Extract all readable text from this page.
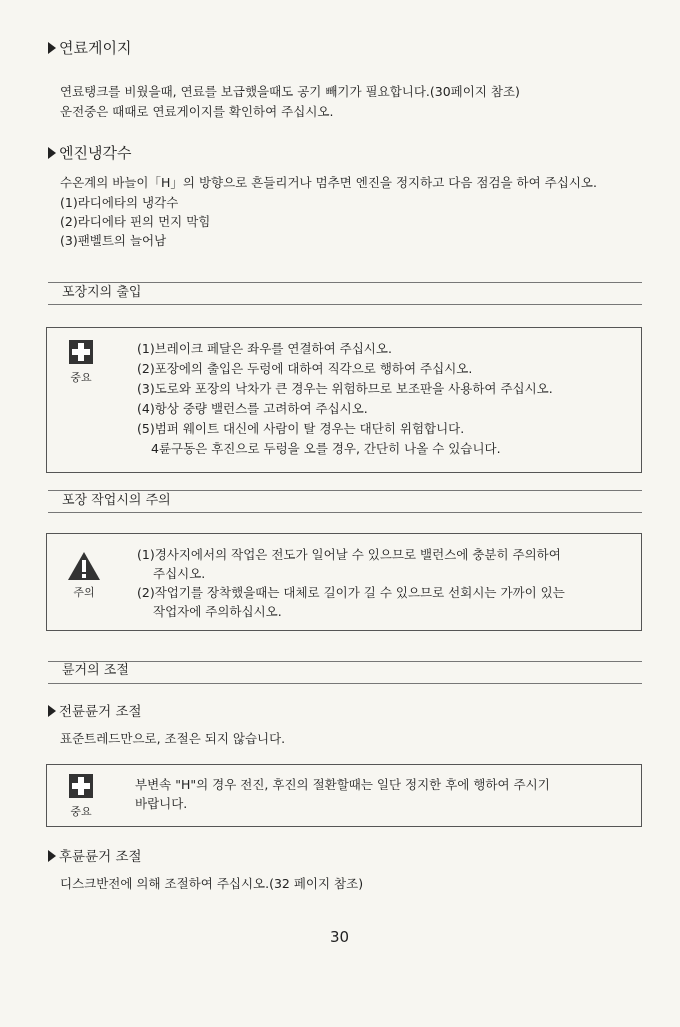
연료게이지
연료탱크를 비웠을때, 연료를 보급했을때도 공기 빼기가 필요합니다.(30페이지 참조)
운전중은 때때로 연료게이지를 확인하여 주십시오.
엔진냉각수
수온계의 바늘이「H」의 방향으로 흔들리거나 멈추면 엔진을 정지하고 다음 점검을 하여 주십시오.
(1)라디에타의 냉각수
(2)라디에타 핀의 먼지 막힘
(3)팬벨트의 늘어남
포장지의 출입
중요
(1)브레이크 페달은 좌우를 연결하여 주십시오.
(2)포장에의 출입은 두렁에 대하여 직각으로 행하여 주십시오.
(3)도로와 포장의 낙차가 큰 경우는 위험하므로 보조판을 사용하여 주십시오.
(4)항상 중량 밸런스를 고려하여 주십시오.
(5)범퍼 웨이트 대신에 사람이 탈 경우는 대단히 위험합니다.
4륜구동은 후진으로 두렁을 오를 경우, 간단히 나올 수 있습니다.
포장 작업시의 주의
주의
(1)경사지에서의 작업은 전도가 일어날 수 있으므로 밸런스에 충분히 주의하여
주십시오.
(2)작업기를 장착했을때는 대체로 길이가 길 수 있으므로 선회시는 가까이 있는
작업자에 주의하십시오.
륜거의 조절
전륜륜거 조절
표준트레드만으로, 조절은 되지 않습니다.
중요
부변속 "H"의 경우 전진, 후진의 절환할때는 일단 정지한 후에 행하여 주시기
바랍니다.
후륜륜거 조절
디스크반전에 의해 조절하여 주십시오.(32 페이지 참조)
30
